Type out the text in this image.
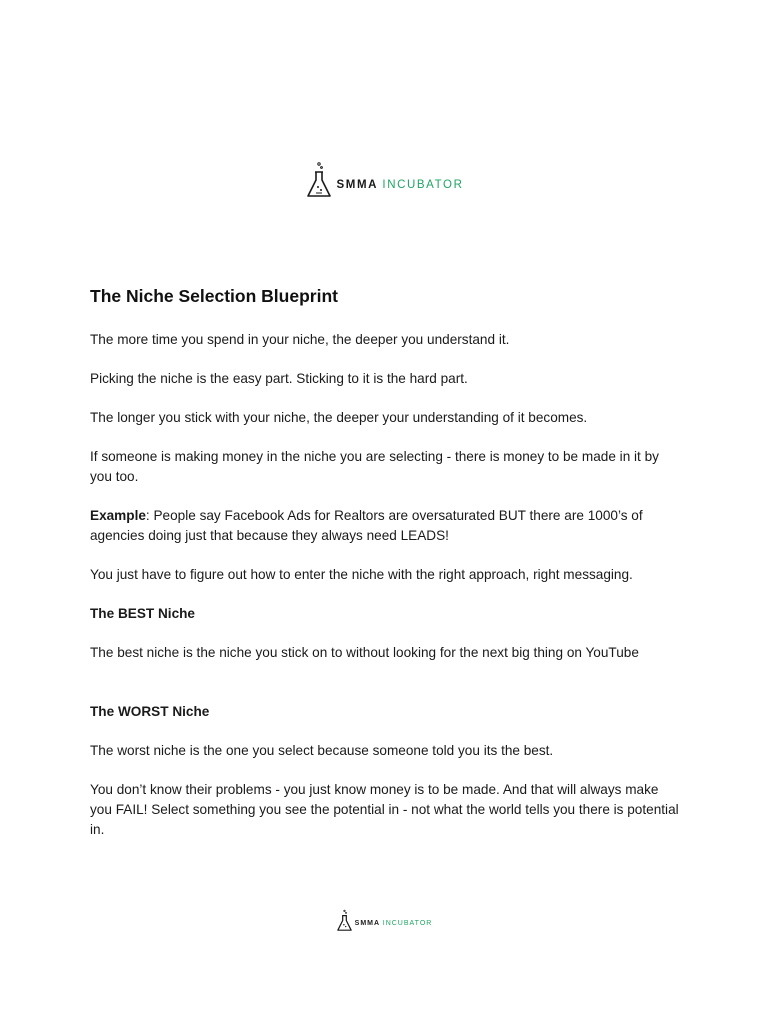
SMMA INCUBATOR
The Niche Selection Blueprint

The more time you spend in your niche, the deeper you understand it.

Picking the niche is the easy part. Sticking to it is the hard part.

The longer you stick with your niche, the deeper your understanding of it becomes.

If someone is making money in the niche you are selecting - there is money to be made in it by you too.

Example: People say Facebook Ads for Realtors are oversaturated BUT there are 1000’s of agencies doing just that because they always need LEADS!

You just have to figure out how to enter the niche with the right approach, right messaging.

The BEST Niche

The best niche is the niche you stick on to without looking for the next big thing on YouTube

The WORST Niche

The worst niche is the one you select because someone told you its the best.

You don’t know their problems - you just know money is to be made. And that will always make you FAIL! Select something you see the potential in - not what the world tells you there is potential in.

SMMA INCUBATOR
